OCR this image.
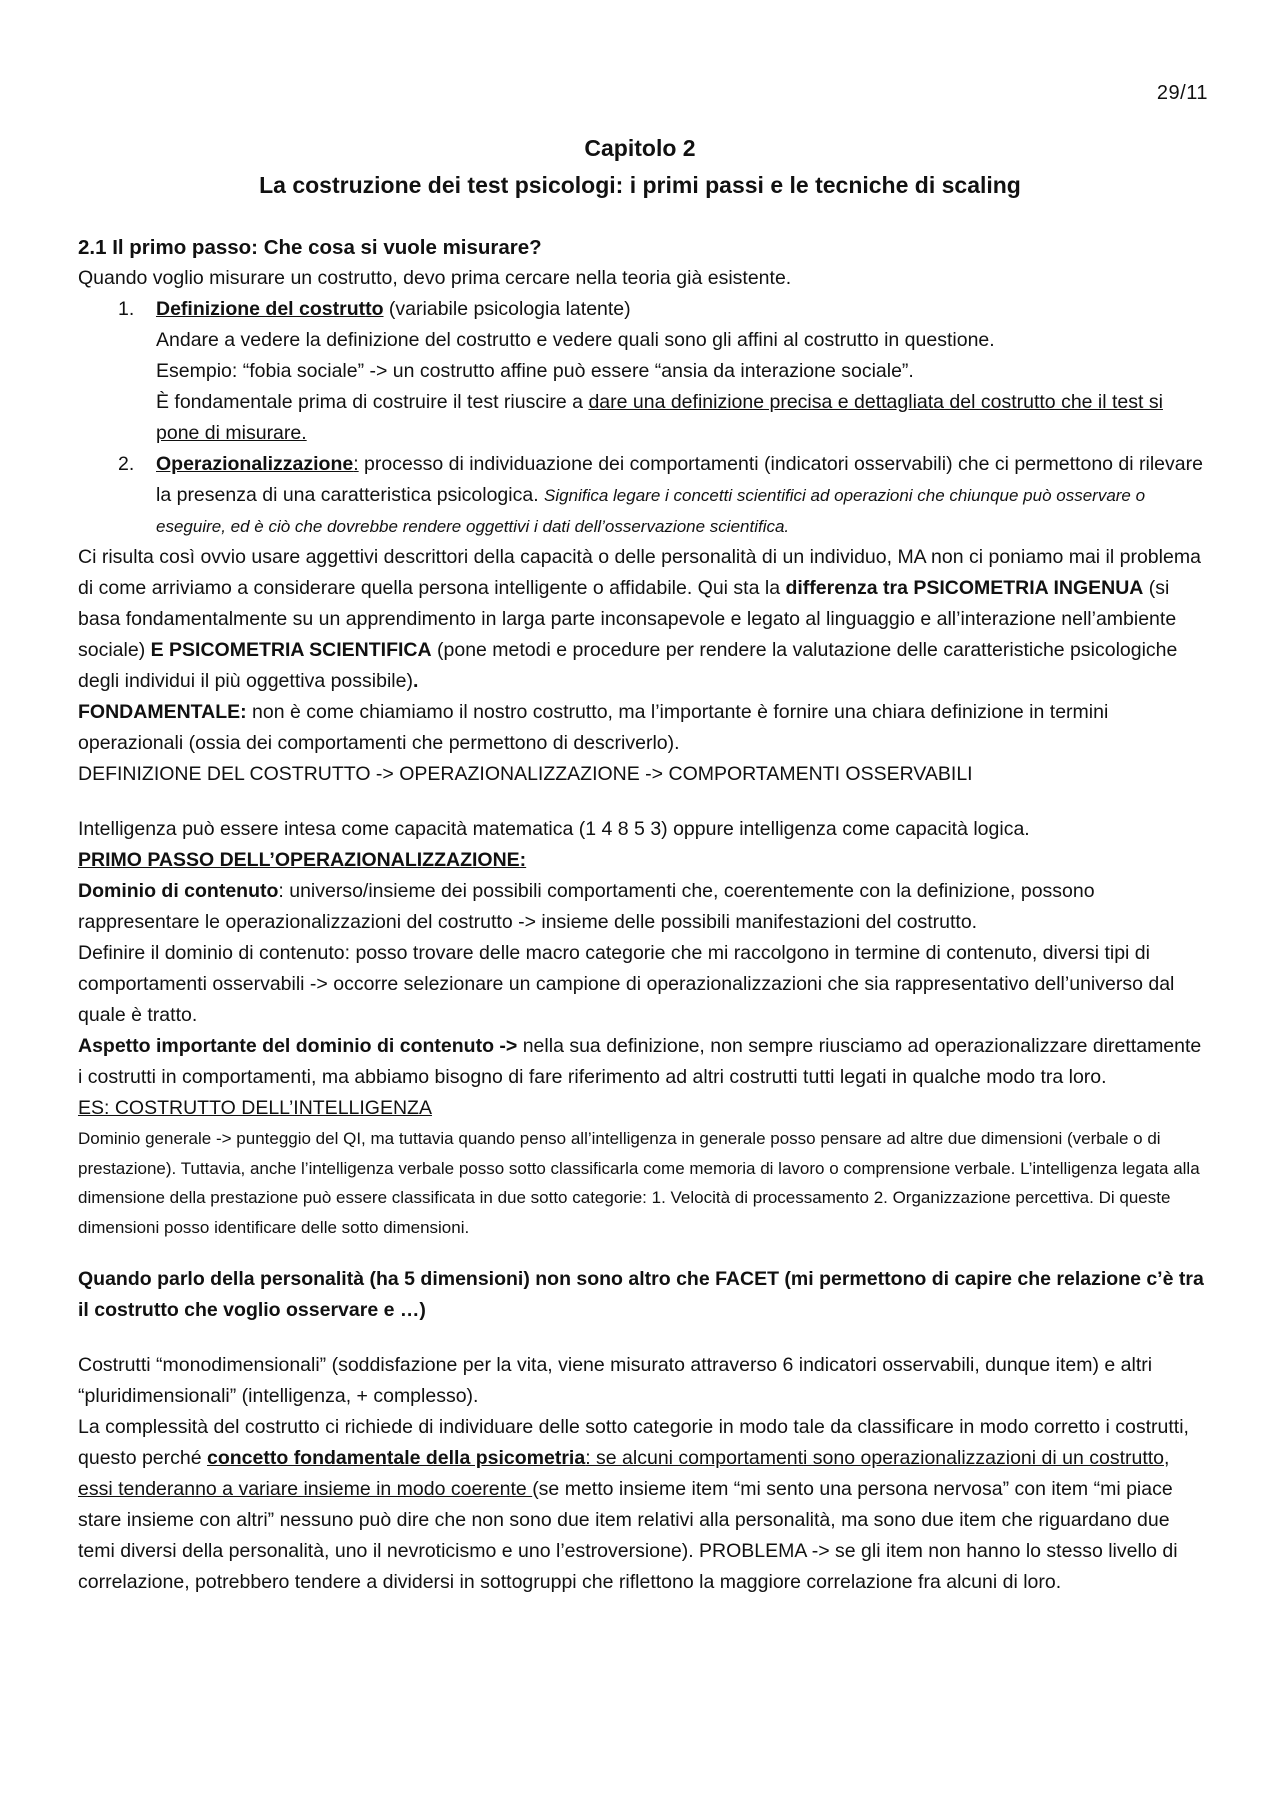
29/11
Capitolo 2
La costruzione dei test psicologi: i primi passi e le tecniche di scaling

2.1 Il primo passo: Che cosa si vuole misurare?

Quando voglio misurare un costrutto, devo prima cercare nella teoria già esistente.

1. Definizione del costrutto (variabile psicologia latente)

Andare a vedere la definizione del costrutto e vedere quali sono gli affini al costrutto in questione.

Esempio: “fobia sociale” -> un costrutto affine può essere “ansia da interazione sociale”.

È fondamentale prima di costruire il test riuscire a dare una definizione precisa e dettagliata del costrutto che il test si pone di misurare.

2. Operazionalizzazione: processo di individuazione dei comportamenti (indicatori osservabili) che ci permettono di rilevare la presenza di una caratteristica psicologica. Significa legare i concetti scientifici ad operazioni che chiunque può osservare o eseguire, ed è ciò che dovrebbe rendere oggettivi i dati dell’osservazione scientifica.

Ci risulta così ovvio usare aggettivi descrittori della capacità o delle personalità di un individuo, MA non ci poniamo mai il problema di come arriviamo a considerare quella persona intelligente o affidabile. Qui sta la differenza tra PSICOMETRIA INGENUA (si basa fondamentalmente su un apprendimento in larga parte inconsapevole e legato al linguaggio e all’interazione nell’ambiente sociale) E PSICOMETRIA SCIENTIFICA (pone metodi e procedure per rendere la valutazione delle caratteristiche psicologiche degli individui il più oggettiva possibile).

FONDAMENTALE: non è come chiamiamo il nostro costrutto, ma l’importante è fornire una chiara definizione in termini operazionali (ossia dei comportamenti che permettono di descriverlo).

DEFINIZIONE DEL COSTRUTTO -> OPERAZIONALIZZAZIONE -> COMPORTAMENTI OSSERVABILI

Intelligenza può essere intesa come capacità matematica (1 4 8 5 3) oppure intelligenza come capacità logica.

PRIMO PASSO DELL’OPERAZIONALIZZAZIONE:

Dominio di contenuto: universo/insieme dei possibili comportamenti che, coerentemente con la definizione, possono rappresentare le operazionalizzazioni del costrutto -> insieme delle possibili manifestazioni del costrutto.

Definire il dominio di contenuto: posso trovare delle macro categorie che mi raccolgono in termine di contenuto, diversi tipi di comportamenti osservabili -> occorre selezionare un campione di operazionalizzazioni che sia rappresentativo dell’universo dal quale è tratto.

Aspetto importante del dominio di contenuto -> nella sua definizione, non sempre riusciamo ad operazionalizzare direttamente i costrutti in comportamenti, ma abbiamo bisogno di fare riferimento ad altri costrutti tutti legati in qualche modo tra loro.

ES: COSTRUTTO DELL’INTELLIGENZA

Dominio generale -> punteggio del QI, ma tuttavia quando penso all’intelligenza in generale posso pensare ad altre due dimensioni (verbale o di prestazione). Tuttavia, anche l’intelligenza verbale posso sotto classificarla come memoria di lavoro o comprensione verbale. L’intelligenza legata alla dimensione della prestazione può essere classificata in due sotto categorie: 1. Velocità di processamento 2. Organizzazione percettiva. Di queste dimensioni posso identificare delle sotto dimensioni.

Quando parlo della personalità (ha 5 dimensioni) non sono altro che FACET (mi permettono di capire che relazione c’è tra il costrutto che voglio osservare e …)

Costrutti “monodimensionali” (soddisfazione per la vita, viene misurato attraverso 6 indicatori osservabili, dunque item) e altri “pluridimensionali” (intelligenza, + complesso).

La complessità del costrutto ci richiede di individuare delle sotto categorie in modo tale da classificare in modo corretto i costrutti, questo perché concetto fondamentale della psicometria: se alcuni comportamenti sono operazionalizzazioni di un costrutto, essi tenderanno a variare insieme in modo coerente (se metto insieme item “mi sento una persona nervosa” con item “mi piace stare insieme con altri” nessuno può dire che non sono due item relativi alla personalità, ma sono due item che riguardano due temi diversi della personalità, uno il nevroticismo e uno l’estroversione). PROBLEMA -> se gli item non hanno lo stesso livello di correlazione, potrebbero tendere a dividersi in sottogruppi che riflettono la maggiore correlazione fra alcuni di loro.
